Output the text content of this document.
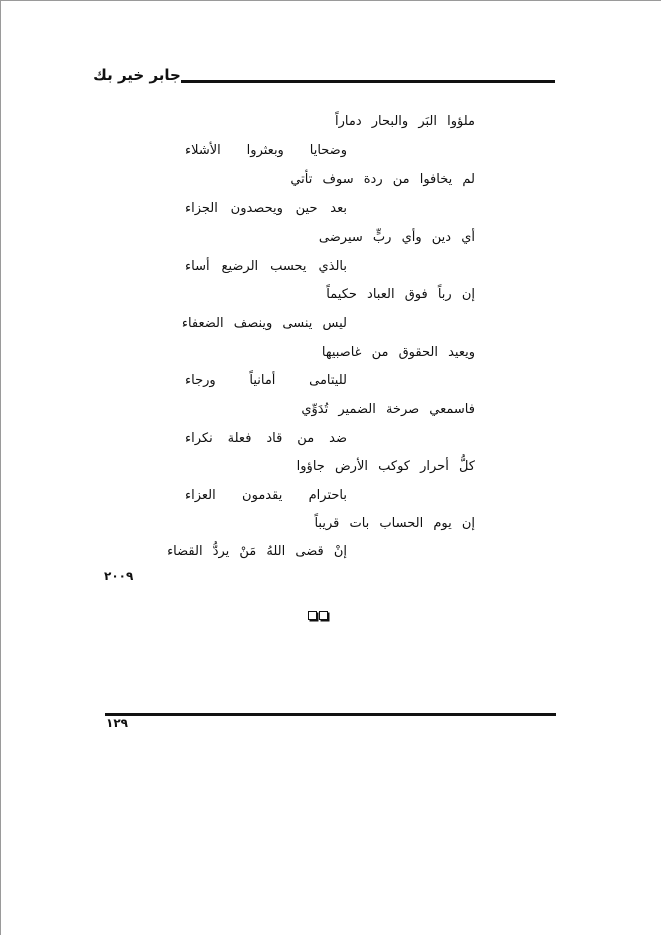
جابر خير بك
ملؤوا البَر والبحار دماراً
وضحايا وبعثروا الأشلاء
لم يخافوا من ردة سوف تأتي
بعد حين ويحصدون الجزاء
أي دين وأي ربٍّ سيرضى
بالذي يحسب الرضيع أساء
إن رباً فوق العباد حكيماً
ليس ينسى وينصف الضعفاء
ويعيد الحقوق من غاصبيها
لليتامى أمانياً ورجاء
فاسمعي صرخة الضمير تُدَوِّي
ضد من قاد فعلة نكراء
كلُّ أحرار كوكب الأرض جاؤوا
باحترام يقدمون العزاء
إن يوم الحساب بات قريباً
إنْ قضى اللهُ مَنْ يردُّ القضاء
٢٠٠٩
١٢٩
